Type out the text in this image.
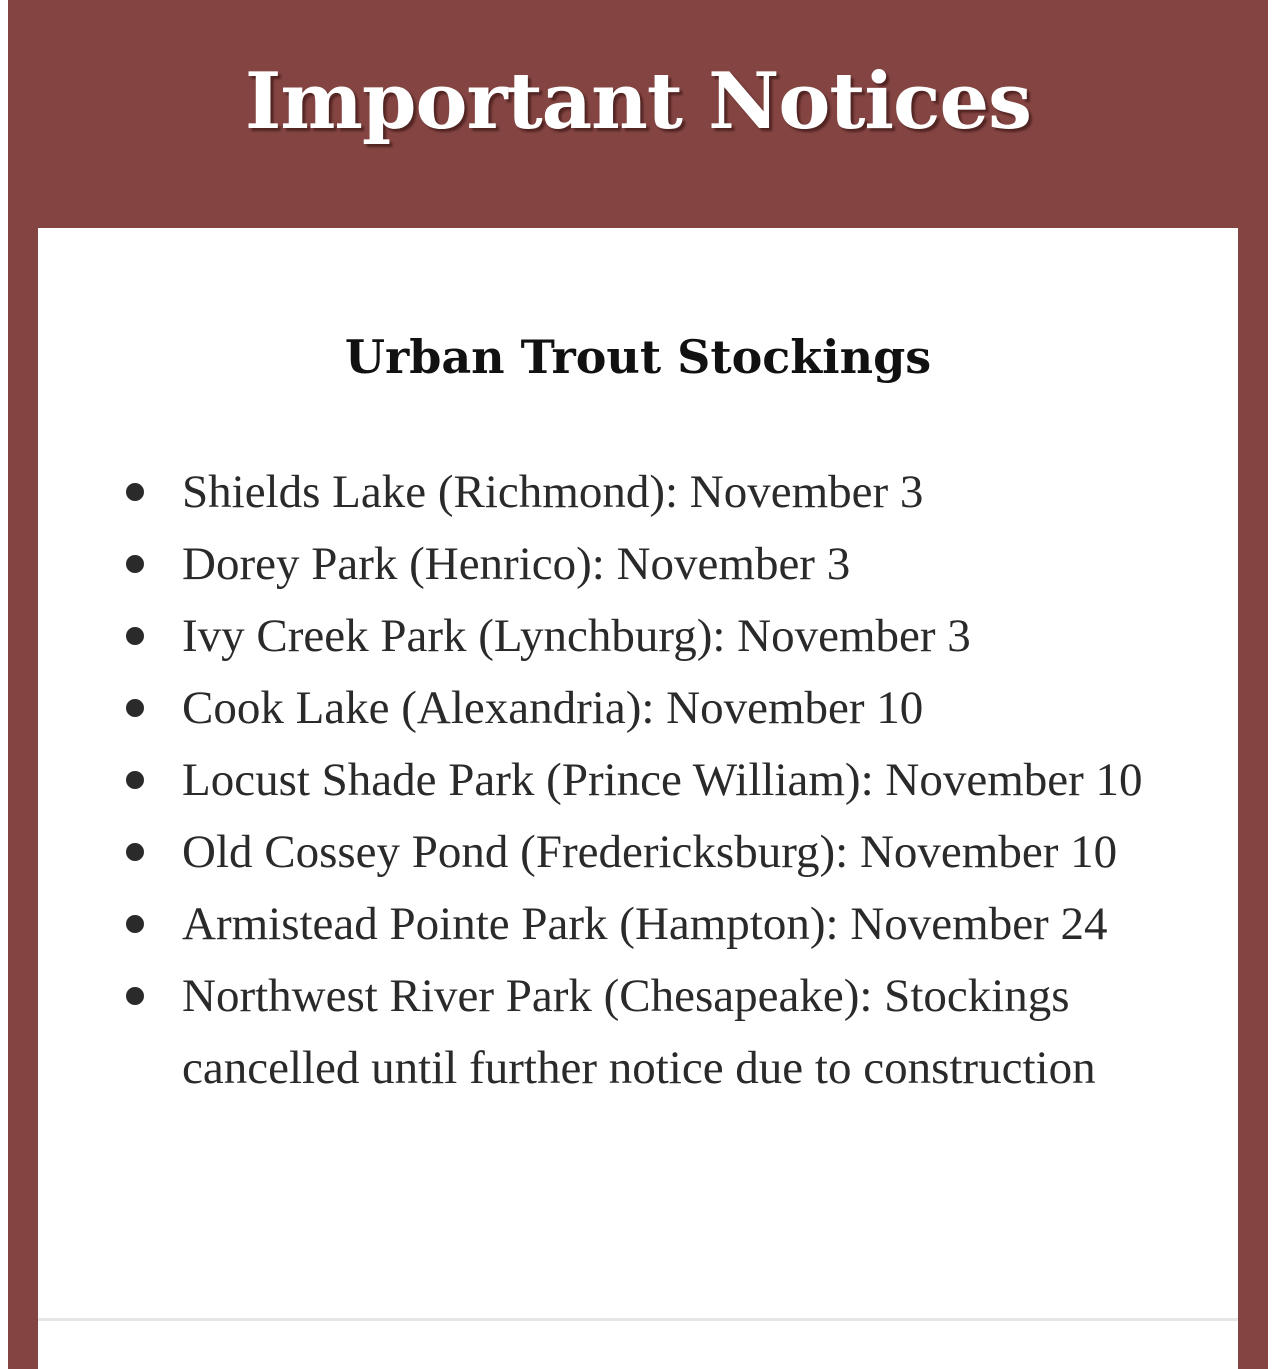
Important Notices
Urban Trout Stockings
Shields Lake (Richmond): November 3
Dorey Park (Henrico): November 3
Ivy Creek Park (Lynchburg): November 3
Cook Lake (Alexandria): November 10
Locust Shade Park (Prince William): November 10
Old Cossey Pond (Fredericksburg): November 10
Armistead Pointe Park (Hampton): November 24
Northwest River Park (Chesapeake): Stockings cancelled until further notice due to construction
